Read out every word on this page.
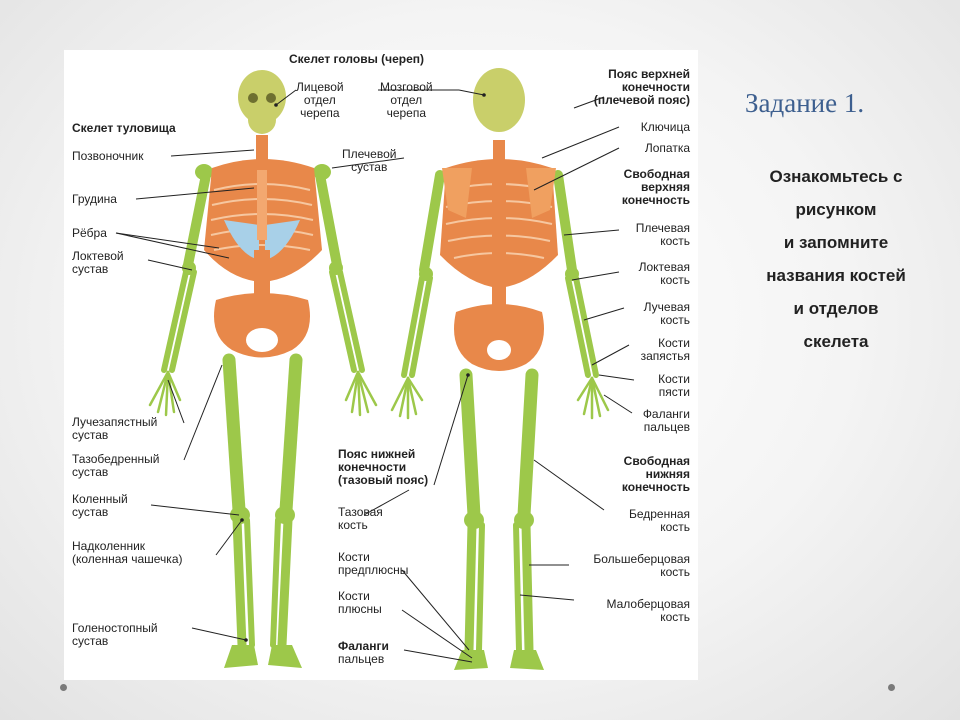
Скелет головы (череп)
Лицевой
отдел
черепа
Мозговой
отдел
черепа
Скелет туловища
Позвоночник
Грудина
Рёбра
Локтевой
сустав
Плечевой
сустав
Лучезапястный
сустав
Тазобедренный
сустав
Коленный
сустав
Надколенник
(коленная чашечка)
Голеностопный
сустав
Пояс нижней
конечности
(тазовый пояс)
Тазовая
кость
Кости
предплюсны
Кости
плюсны
Фаланги
пальцев
Пояс верхней
конечности
(плечевой пояс)
Ключица
Лопатка
Свободная
верхняя
конечность
Плечевая
кость
Локтевая
кость
Лучевая
кость
Кости
запястья
Кости
пясти
Фаланги
пальцев
Свободная
нижняя
конечность
Бедренная
кость
Большеберцовая
кость
Малоберцовая
кость
Задание 1.
Ознакомьтесь с
рисунком
и запомните
названия костей
и отделов
скелета
